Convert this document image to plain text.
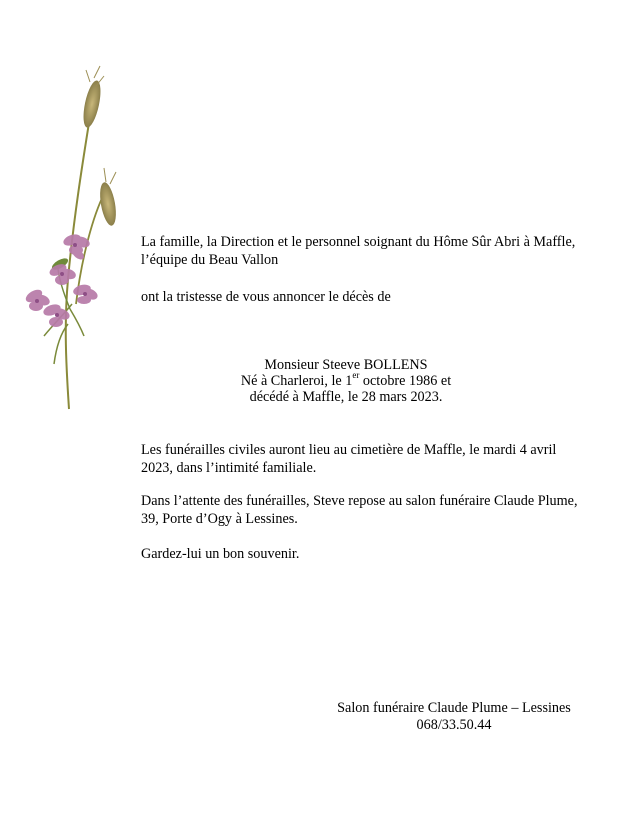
La famille, la Direction et le personnel soignant du Hôme Sûr Abri à Maffle, l’équipe du Beau Vallon

ont la tristesse de vous annoncer le décès de

Monsieur Steeve BOLLENS
Né à Charleroi, le 1er octobre 1986 et
décédé à Maffle, le 28 mars 2023.

Les funérailles civiles auront lieu au cimetière de Maffle, le mardi 4 avril 2023, dans l’intimité familiale.

Dans l’attente des funérailles, Steve repose au salon funéraire Claude Plume, 39, Porte d’Ogy à Lessines.

Gardez-lui un bon souvenir.

Salon funéraire Claude Plume – Lessines
068/33.50.44
